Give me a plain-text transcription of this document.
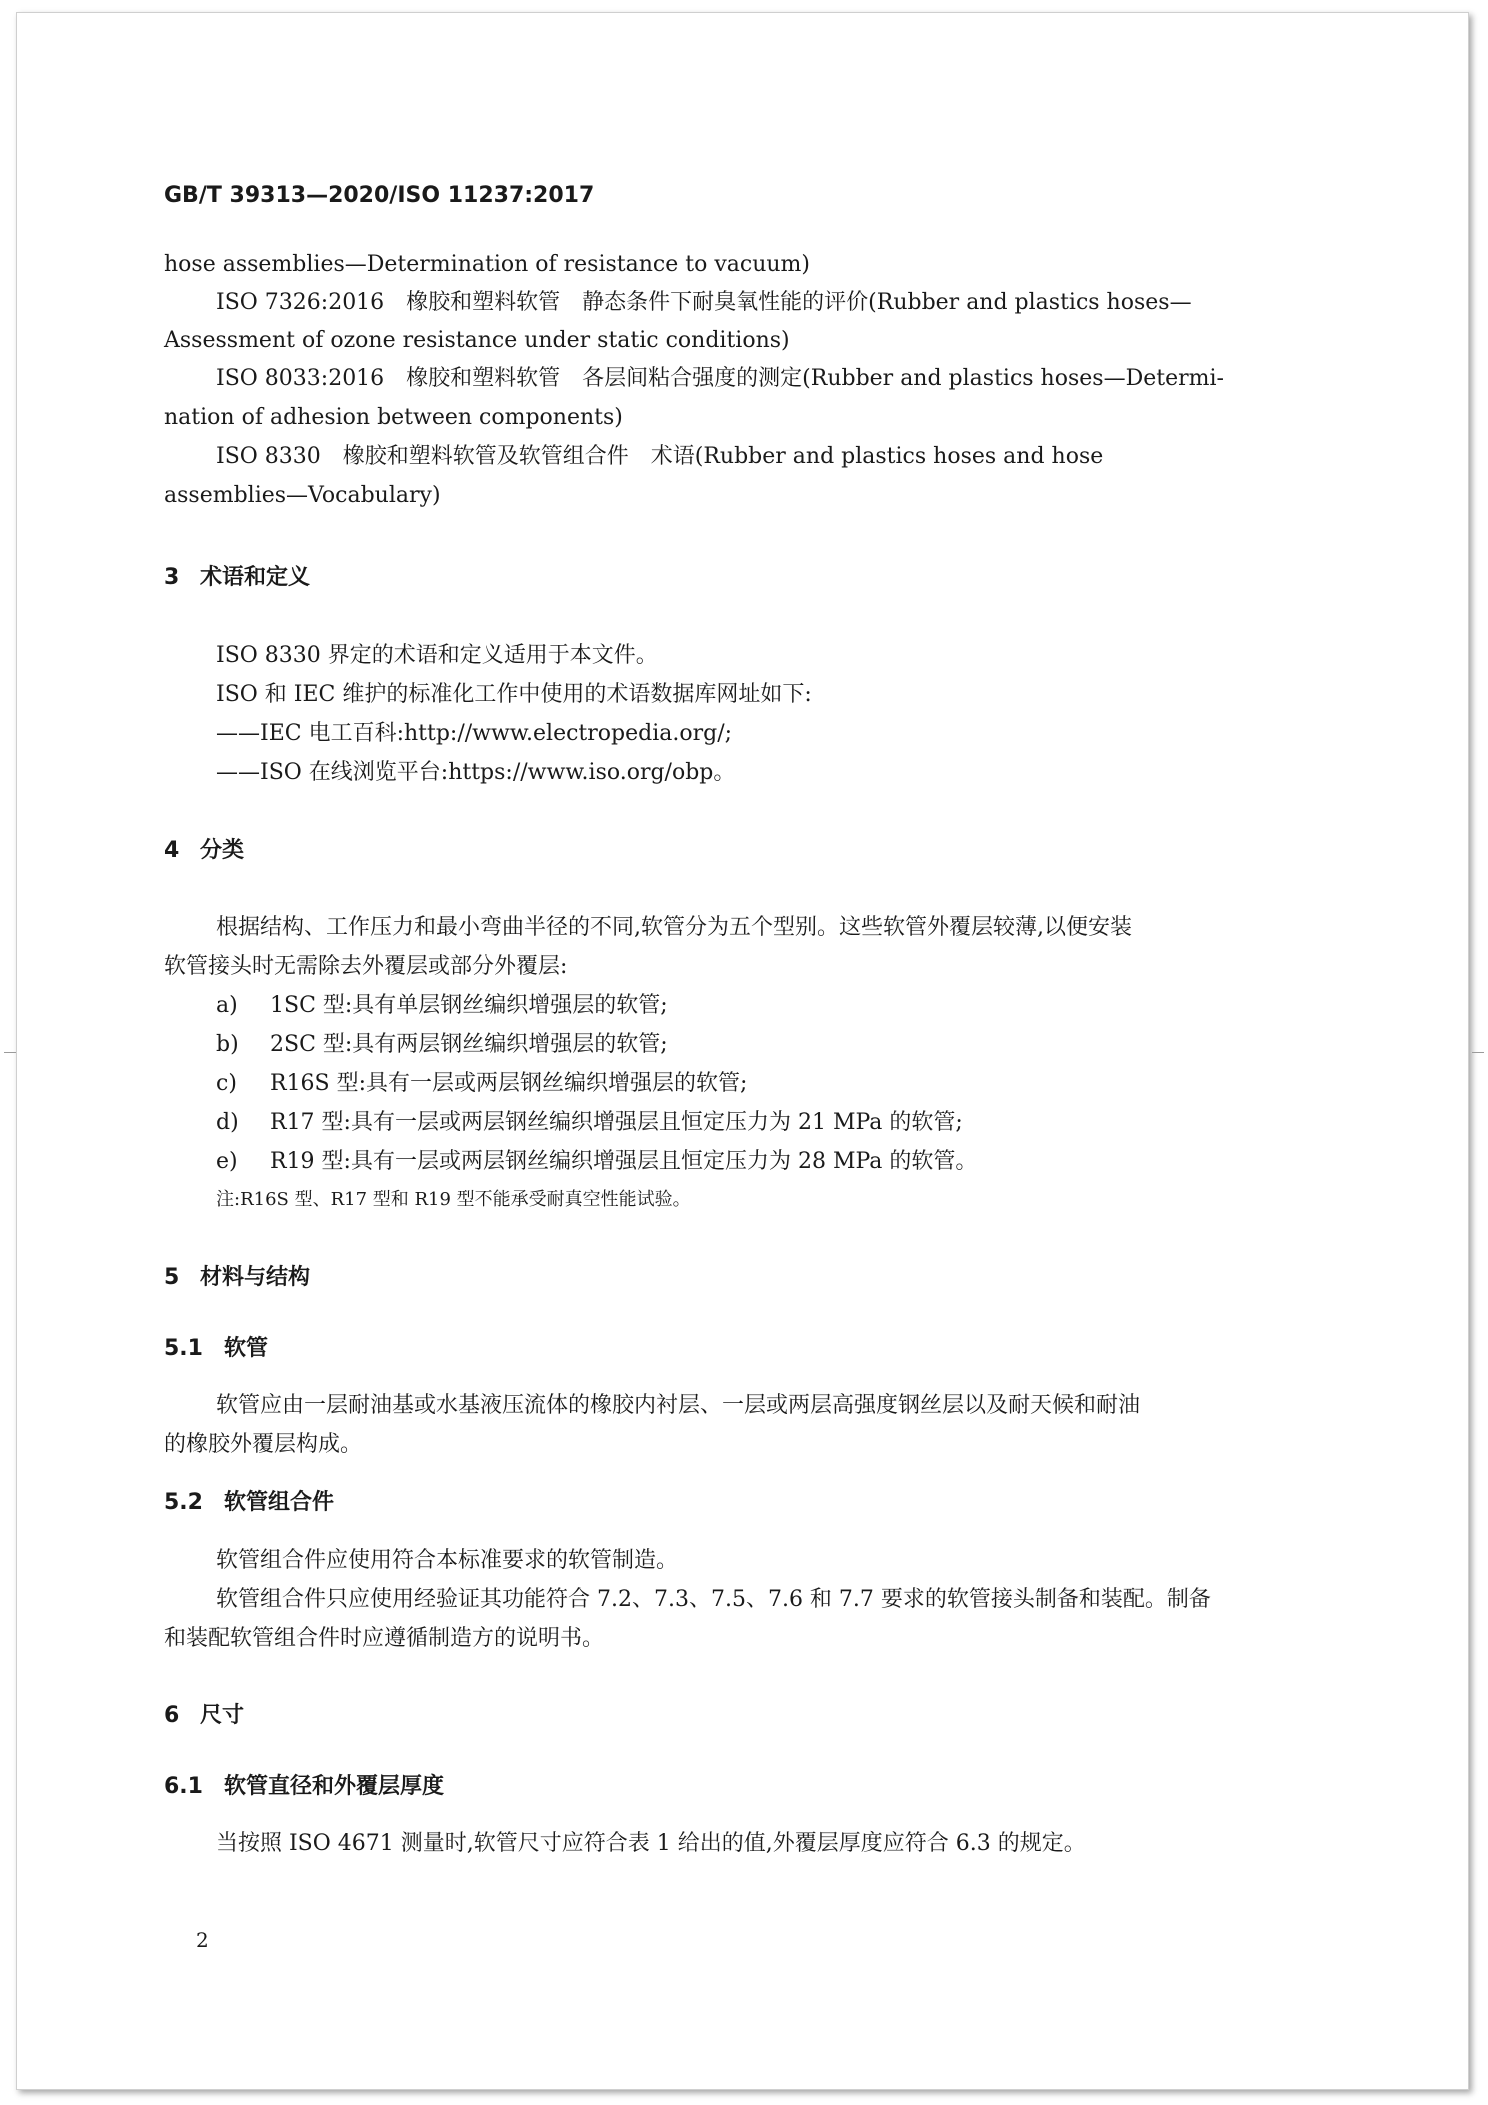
GB/T 39313—2020/ISO 11237:2017
hose assemblies—Determination of resistance to vacuum)
ISO 7326:2016　橡胶和塑料软管　静态条件下耐臭氧性能的评价(Rubber and plastics hoses—
Assessment of ozone resistance under static conditions)
ISO 8033:2016　橡胶和塑料软管　各层间粘合强度的测定(Rubber and plastics hoses—Determi-
nation of adhesion between components)
ISO 8330　橡胶和塑料软管及软管组合件　术语(Rubber and plastics hoses and hose
assemblies—Vocabulary)
3 术语和定义
ISO 8330 界定的术语和定义适用于本文件。
ISO 和 IEC 维护的标准化工作中使用的术语数据库网址如下:
——IEC 电工百科:http://www.electropedia.org/;
——ISO 在线浏览平台:https://www.iso.org/obp。
4 分类
根据结构、工作压力和最小弯曲半径的不同,软管分为五个型别。这些软管外覆层较薄,以便安装
软管接头时无需除去外覆层或部分外覆层:
a) 1SC 型:具有单层钢丝编织增强层的软管;
b) 2SC 型:具有两层钢丝编织增强层的软管;
c) R16S 型:具有一层或两层钢丝编织增强层的软管;
d) R17 型:具有一层或两层钢丝编织增强层且恒定压力为 21 MPa 的软管;
e) R19 型:具有一层或两层钢丝编织增强层且恒定压力为 28 MPa 的软管。
注:R16S 型、R17 型和 R19 型不能承受耐真空性能试验。
5 材料与结构
5.1 软管
软管应由一层耐油基或水基液压流体的橡胶内衬层、一层或两层高强度钢丝层以及耐天候和耐油
的橡胶外覆层构成。
5.2 软管组合件
软管组合件应使用符合本标准要求的软管制造。
软管组合件只应使用经验证其功能符合 7.2、7.3、7.5、7.6 和 7.7 要求的软管接头制备和装配。制备
和装配软管组合件时应遵循制造方的说明书。
6 尺寸
6.1 软管直径和外覆层厚度
当按照 ISO 4671 测量时,软管尺寸应符合表 1 给出的值,外覆层厚度应符合 6.3 的规定。
2
